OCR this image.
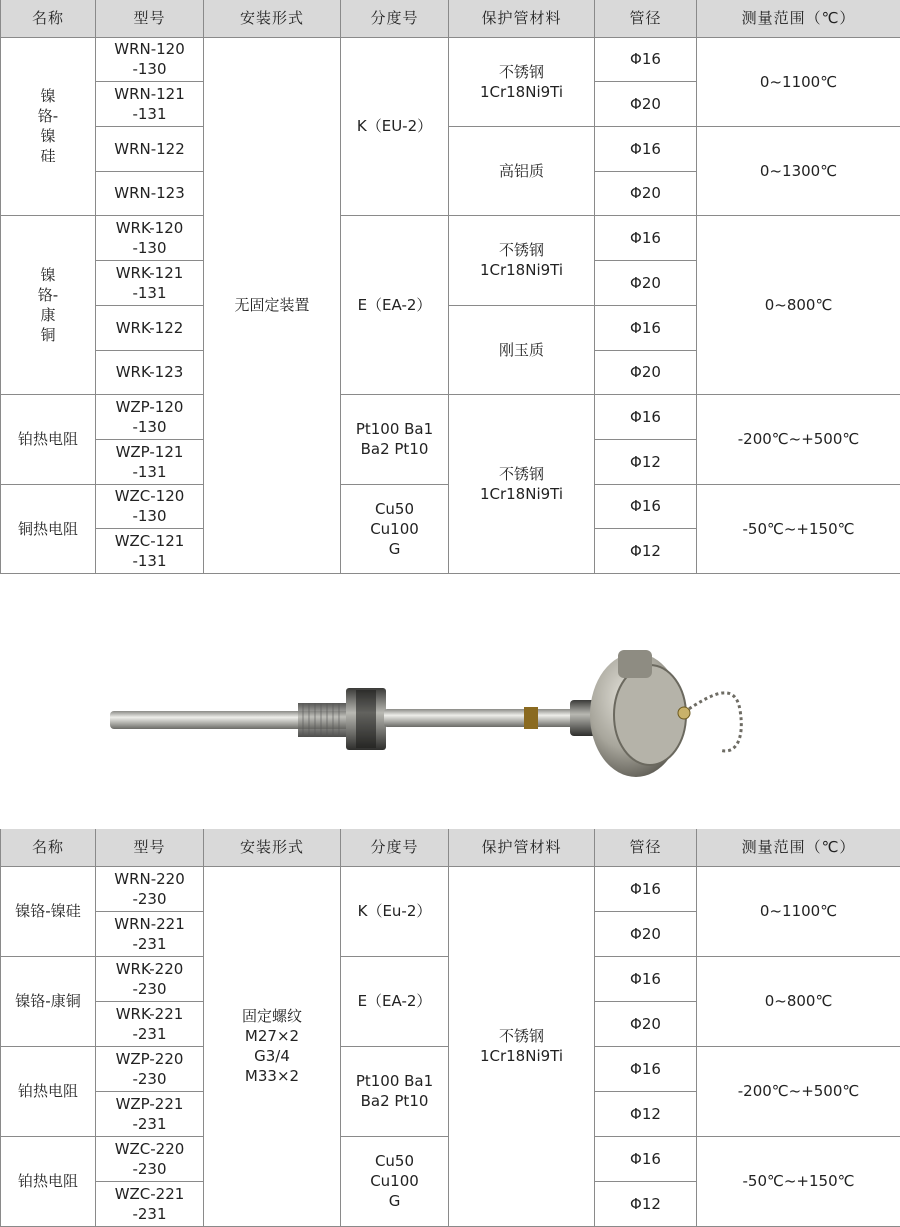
名称	型号	安装形式	分度号	保护管材料	管径	测量范围（℃）
镍
铬-
镍
硅	WRN-120
-130	无固定装置	K（EU-2）	不锈钢
1Cr18Ni9Ti	Φ16	0~1100℃
	WRN-121
-131				Φ20	
	WRN-122			高铝质	Φ16	0~1300℃
	WRN-123				Φ20	
镍
铬-
康
铜	WRK-120
-130		E（EA-2）	不锈钢
1Cr18Ni9Ti	Φ16	0~800℃
	WRK-121
-131				Φ20	
	WRK-122			刚玉质	Φ16	
	WRK-123				Φ20	
铂热电阻	WZP-120
-130		Pt100 Ba1
Ba2 Pt10	不锈钢
1Cr18Ni9Ti	Φ16	-200℃~+500℃
	WZP-121
-131				Φ12	
铜热电阻	WZC-120
-130		Cu50
Cu100
G		Φ16	-50℃~+150℃
	WZC-121
-131				Φ12	
名称	型号	安装形式	分度号	保护管材料	管径	测量范围（℃）
镍铬-镍硅	WRN-220
-230	固定螺纹
M27×2
G3/4
M33×2	K（Eu-2）	不锈钢
1Cr18Ni9Ti	Φ16	0~1100℃
	WRN-221
-231				Φ20	
镍铬-康铜	WRK-220
-230		E（EA-2）		Φ16	0~800℃
	WRK-221
-231				Φ20	
铂热电阻	WZP-220
-230		Pt100 Ba1
Ba2 Pt10		Φ16	-200℃~+500℃
	WZP-221
-231				Φ12	
铂热电阻	WZC-220
-230		Cu50
Cu100
G		Φ16	-50℃~+150℃
	WZC-221
-231				Φ12	
